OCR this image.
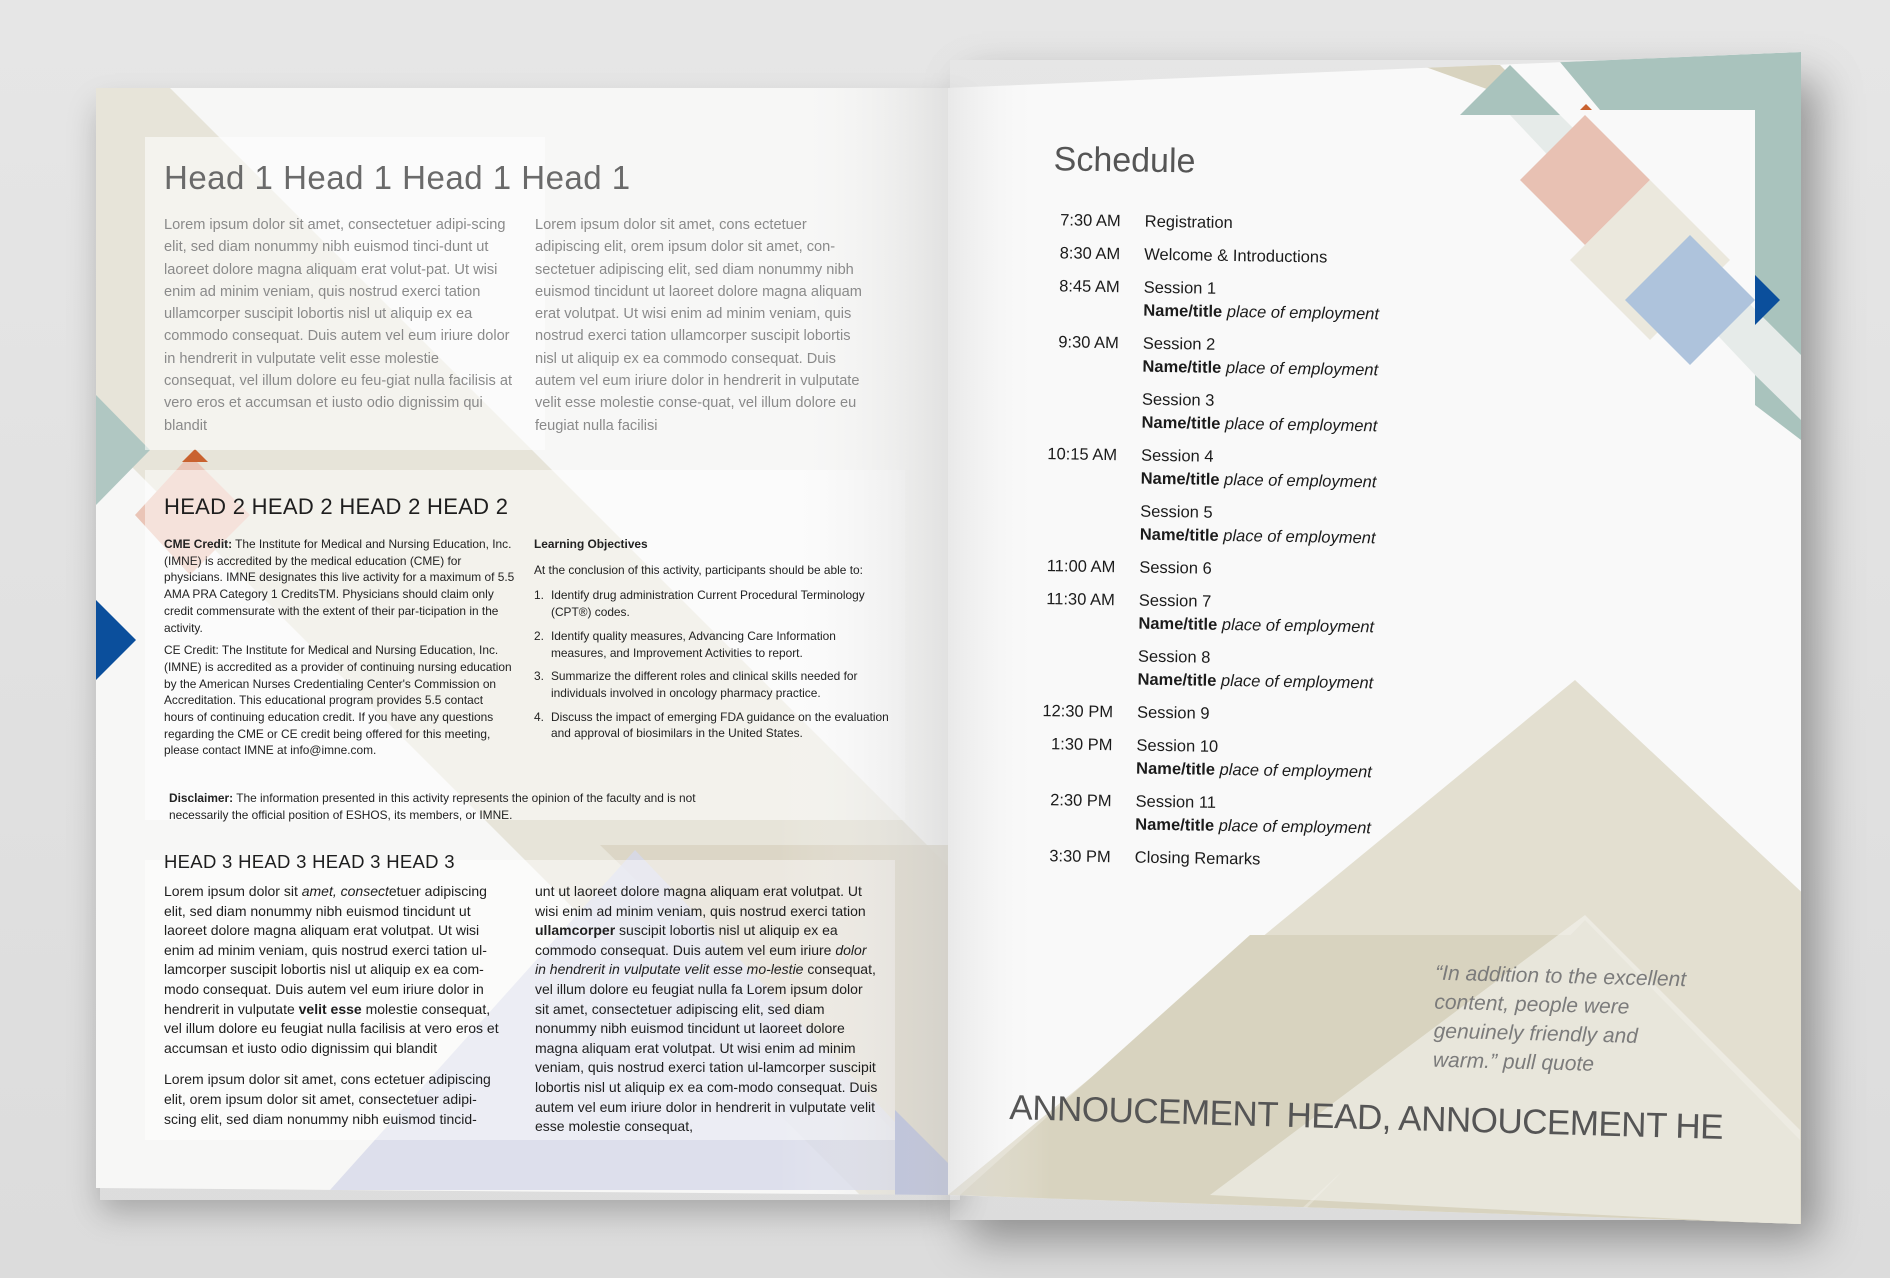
Head 1 Head 1 Head 1 Head 1

Lorem ipsum dolor sit amet, consectetuer adipi-scing elit, sed diam nonummy nibh euismod tinci-dunt ut laoreet dolore magna aliquam erat volut-pat. Ut wisi enim ad minim veniam, quis nostrud exerci tation ullamcorper suscipit lobortis nisl ut aliquip ex ea commodo consequat. Duis autem vel eum iriure dolor in hendrerit in vulputate velit esse molestie consequat, vel illum dolore eu feu-giat nulla facilisis at vero eros et accumsan et iusto odio dignissim qui blandit

Lorem ipsum dolor sit amet, cons ectetuer adipiscing elit, orem ipsum dolor sit amet, con-sectetuer adipiscing elit, sed diam nonummy nibh euismod tincidunt ut laoreet dolore magna aliquam erat volutpat. Ut wisi enim ad minim veniam, quis nostrud exerci tation ullamcorper suscipit lobortis nisl ut aliquip ex ea commodo consequat. Duis autem vel eum iriure dolor in hendrerit in vulputate velit esse molestie conse-quat, vel illum dolore eu feugiat nulla facilisi

HEAD 2 HEAD 2 HEAD 2 HEAD 2

CME Credit: The Institute for Medical and Nursing Education, Inc. (IMNE) is accredited by the medical education (CME) for physicians. IMNE designates this live activity for a maximum of 5.5 AMA PRA Category 1 CreditsTM. Physicians should claim only credit commensurate with the extent of their par-ticipation in the activity.

CE Credit: The Institute for Medical and Nursing Education, Inc. (IMNE) is accredited as a provider of continuing nursing education by the American Nurses Credentialing Center's Commission on Accreditation. This educational program provides 5.5 contact hours of continuing education credit. If you have any questions regarding the CME or CE credit being offered for this meeting, please contact IMNE at info@imne.com.

Learning Objectives

At the conclusion of this activity, participants should be able to:

1. Identify drug administration Current Procedural Terminology (CPT®) codes.
2. Identify quality measures, Advancing Care Information measures, and Improvement Activities to report.
3. Summarize the different roles and clinical skills needed for individuals involved in oncology pharmacy practice.
4. Discuss the impact of emerging FDA guidance on the evaluation and approval of biosimilars in the United States.

Disclaimer: The information presented in this activity represents the opinion of the faculty and is not necessarily the official position of ESHOS, its members, or IMNE.

HEAD 3 HEAD 3 HEAD 3 HEAD 3

Lorem ipsum dolor sit amet, consectetuer adipiscing elit, sed diam nonummy nibh euismod tincidunt ut laoreet dolore magna aliquam erat volutpat. Ut wisi enim ad minim veniam, quis nostrud exerci tation ul-lamcorper suscipit lobortis nisl ut aliquip ex ea com-modo consequat. Duis autem vel eum iriure dolor in hendrerit in vulputate velit esse molestie consequat, vel illum dolore eu feugiat nulla facilisis at vero eros et accumsan et iusto odio dignissim qui blandit

Lorem ipsum dolor sit amet, cons ectetuer adipiscing elit, orem ipsum dolor sit amet, consectetuer adipi-scing elit, sed diam nonummy nibh euismod tincid-

unt ut laoreet dolore magna aliquam erat volutpat. Ut wisi enim ad minim veniam, quis nostrud exerci tation ullamcorper suscipit lobortis nisl ut aliquip ex ea commodo consequat. Duis autem vel eum iriure dolor in hendrerit in vulputate velit esse mo-lestie consequat, vel illum dolore eu feugiat nulla fa Lorem ipsum dolor sit amet, consectetuer adipiscing elit, sed diam nonummy nibh euismod tincidunt ut laoreet dolore magna aliquam erat volutpat. Ut wisi enim ad minim veniam, quis nostrud exerci tation ul-lamcorper suscipit lobortis nisl ut aliquip ex ea com-modo consequat. Duis autem vel eum iriure dolor in hendrerit in vulputate velit esse molestie consequat,

Schedule
7:30 AM	Registration
8:30 AM	Welcome & Introductions
8:45 AM	Session 1
Name/title place of employment
9:30 AM	Session 2
Name/title place of employment
Session 3
Name/title place of employment
10:15 AM	Session 4
Name/title place of employment
Session 5
Name/title place of employment
11:00 AM	Session 6
11:30 AM	Session 7
Name/title place of employment
Session 8
Name/title place of employment
12:30 PM	Session 9
1:30 PM	Session 10
Name/title place of employment
2:30 PM	Session 11
Name/title place of employment
3:30 PM	Closing Remarks
“In addition to the excellent content, people were genuinely friendly and warm.” pull quote
ANNOUCEMENT HEAD, ANNOUCEMENT HE
